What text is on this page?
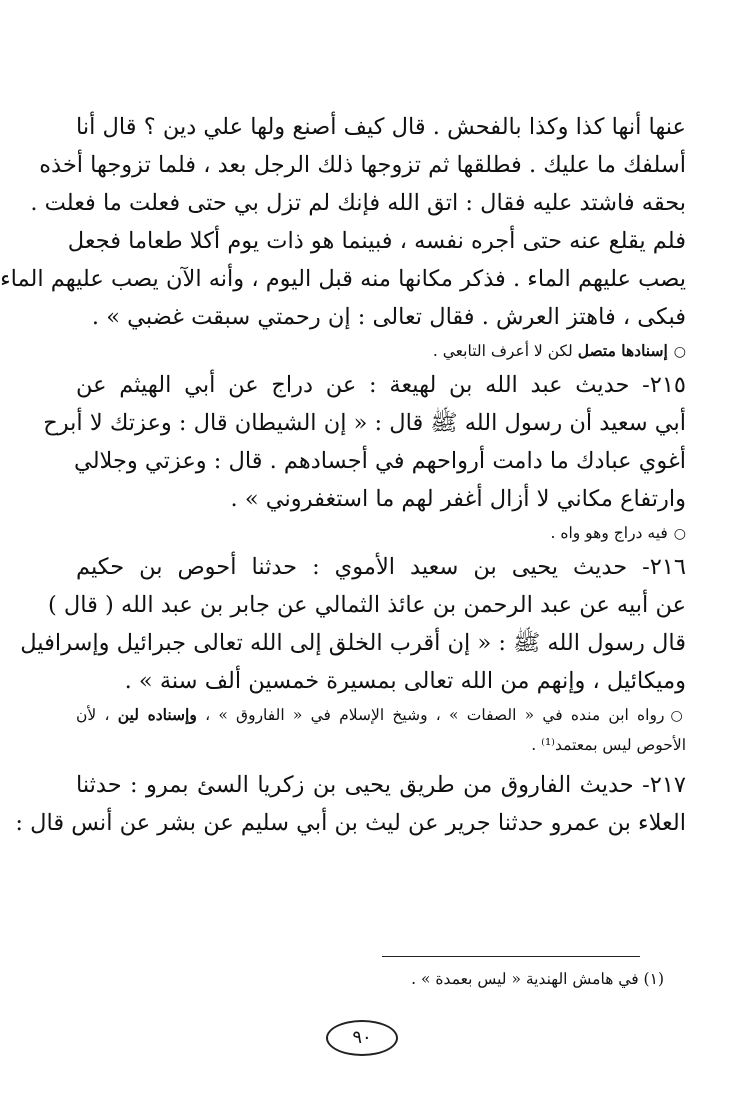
عنها أنها كذا وكذا بالفحش . قال كيف أصنع ولها علي دين ؟ قال أنا
أسلفك ما عليك . فطلقها ثم تزوجها ذلك الرجل بعد ، فلما تزوجها أخذه
بحقه فاشتد عليه فقال : اتق الله فإنك لم تزل بي حتى فعلت ما فعلت .
فلم يقلع عنه حتى أجره نفسه ، فبينما هو ذات يوم أكلا طعاما فجعل
يصب عليهم الماء . فذكر مكانها منه قبل اليوم ، وأنه الآن يصب عليهم الماء
فبكى ، فاهتز العرش . فقال تعالى : إن رحمتي سبقت غضبي » .
○إسنادها متصل لكن لا أعرف التابعي .
٢١٥- حديث عبد الله بن لهيعة : عن دراج عن أبي الهيثم عن
أبي سعيد أن رسول الله ﷺ قال : « إن الشيطان قال : وعزتك لا أبرح
أغوي عبادك ما دامت أرواحهم في أجسادهم . قال : وعزتي وجلالي
وارتفاع مكاني لا أزال أغفر لهم ما استغفروني » .
○فيه دراج وهو واه .
٢١٦- حديث يحيى بن سعيد الأموي : حدثنا أحوص بن حكيم
عن أبيه عن عبد الرحمن بن عائذ الثمالي عن جابر بن عبد الله ( قال )
قال رسول الله ﷺ : « إن أقرب الخلق إلى الله تعالى جبرائيل وإسرافيل
وميكائيل ، وإنهم من الله تعالى بمسيرة خمسين ألف سنة » .
○رواه ابن منده في « الصفات » ، وشيخ الإسلام في « الفاروق » ، وإسناده لين ، لأن
الأحوص ليس بمعتمد⁽¹⁾ .
٢١٧- حديث الفاروق من طريق يحيى بن زكريا السئ بمرو : حدثنا
العلاء بن عمرو حدثنا جرير عن ليث بن أبي سليم عن بشر عن أنس قال :
(١) في هامش الهندية « ليس بعمدة » .
٩٠
